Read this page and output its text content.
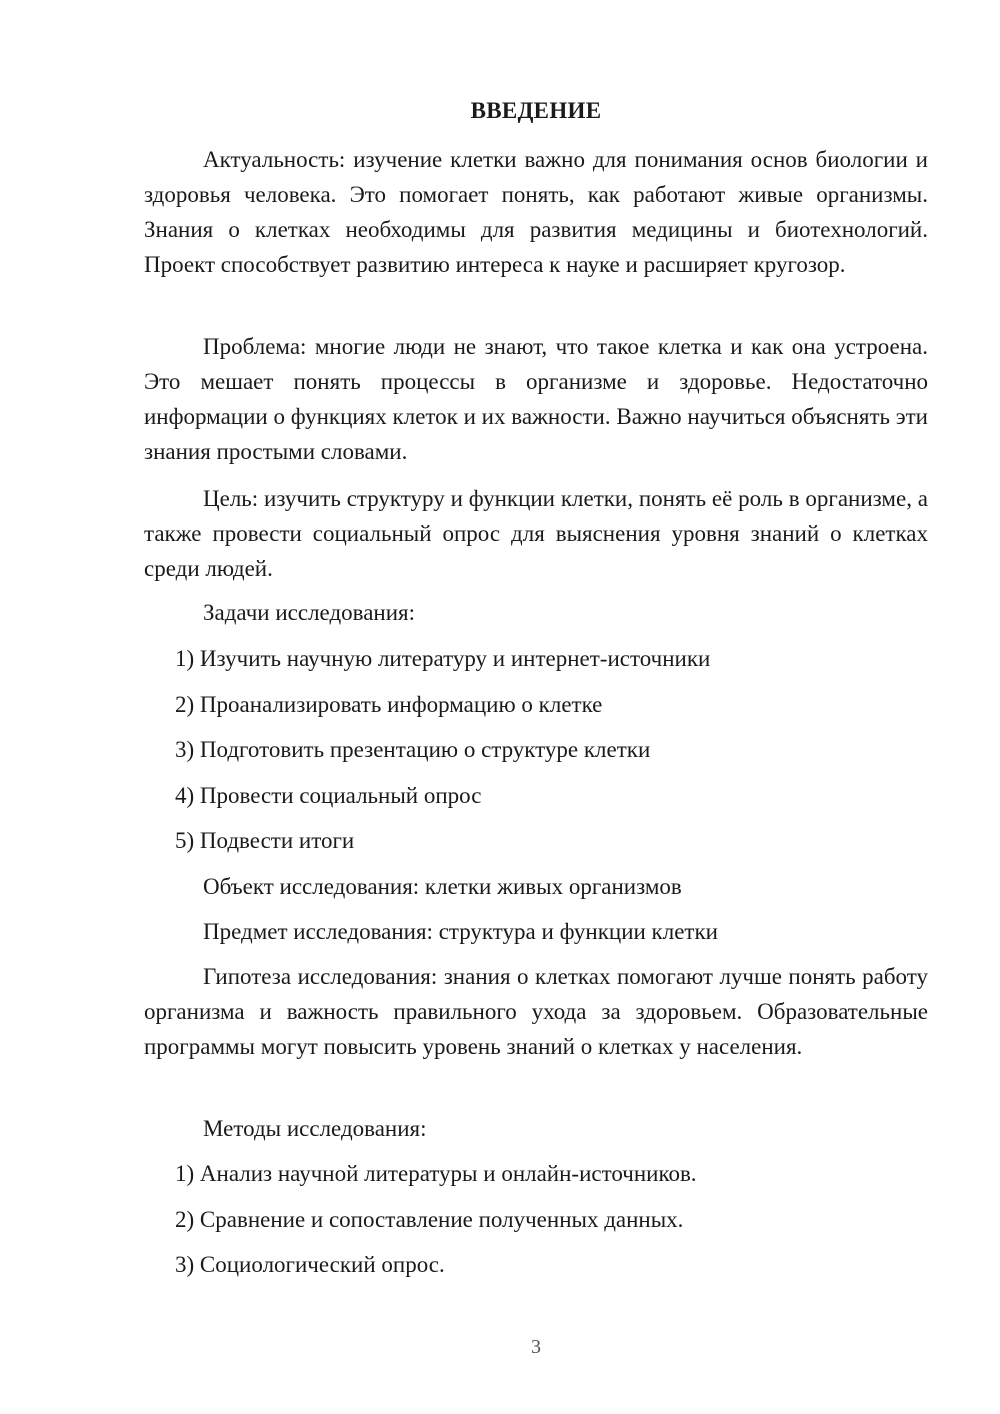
ВВЕДЕНИЕ

Актуальность: изучение клетки важно для понимания основ биологии и здоровья человека. Это помогает понять, как работают живые организмы. Знания о клетках необходимы для развития медицины и биотехнологий. Проект способствует развитию интереса к науке и расширяет кругозор.

Проблема: многие люди не знают, что такое клетка и как она устроена. Это мешает понять процессы в организме и здоровье. Недостаточно информации о функциях клеток и их важности. Важно научиться объяснять эти знания простыми словами.

Цель: изучить структуру и функции клетки, понять её роль в организме, а также провести социальный опрос для выяснения уровня знаний о клетках среди людей.

Задачи исследования:

1) Изучить научную литературу и интернет-источники

2) Проанализировать информацию о клетке

3) Подготовить презентацию о структуре клетки

4) Провести социальный опрос

5) Подвести итоги

Объект исследования: клетки живых организмов

Предмет исследования: структура и функции клетки

Гипотеза исследования: знания о клетках помогают лучше понять работу организма и важность правильного ухода за здоровьем. Образовательные программы могут повысить уровень знаний о клетках у населения.

Методы исследования:

1) Анализ научной литературы и онлайн-источников.

2) Сравнение и сопоставление полученных данных.

3) Социологический опрос.

3
